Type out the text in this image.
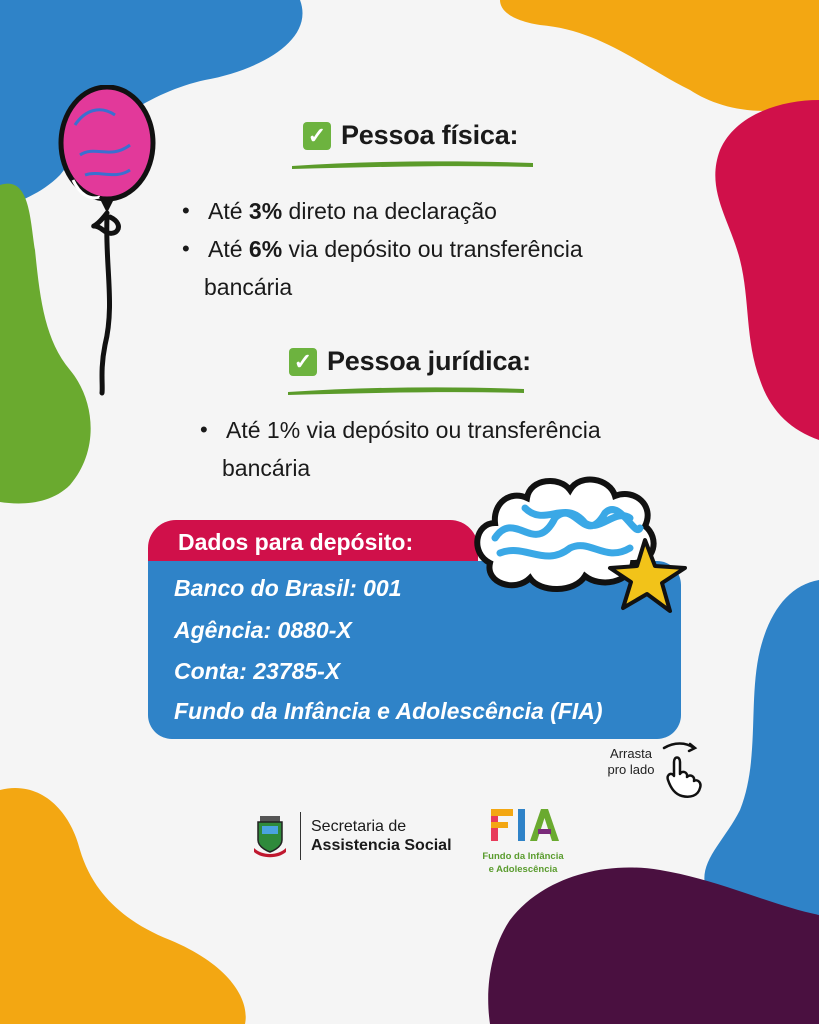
✓ Pessoa física:
• Até 3% direto na declaração
• Até 6% via depósito ou transferência
bancária
✓ Pessoa jurídica:
• Até 1% via depósito ou transferência
bancária
Dados para depósito:
Banco do Brasil: 001
Agência: 0880-X
Conta: 23785-X
Fundo da Infância e Adolescência (FIA)
Arrasta
pro lado
Secretaria de
Assistencia Social
Fundo da Infância
e Adolescência
